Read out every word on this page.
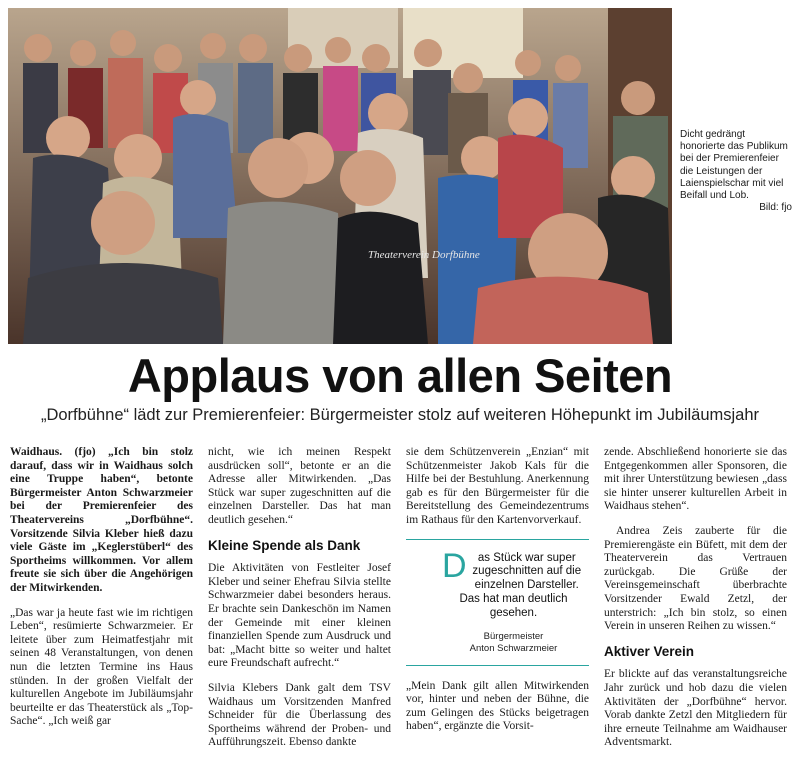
Theaterverein Dorfbühne
Dicht gedrängt honorierte das Publikum bei der Premierenfeier die Leistungen der Laienspielschar mit viel Beifall und Lob.
Bild: fjo
Applaus von allen Seiten
„Dorfbühne“ lädt zur Premierenfeier: Bürgermeister stolz auf weiteren Höhepunkt im Jubiläumsjahr

Waidhaus. (fjo) „Ich bin stolz darauf, dass wir in Waidhaus solch eine Truppe haben“, betonte Bürgermeister Anton Schwarzmeier bei der Premierenfeier des Theatervereins „Dorfbühne“. Vorsitzende Silvia Kleber hieß dazu viele Gäste im „Keglerstüberl“ des Sportheims willkommen. Vor allem freute sie sich über die Angehörigen der Mitwirkenden.

„Das war ja heute fast wie im richtigen Leben“, resümierte Schwarzmeier. Er leitete über zum Heimatfestjahr mit seinen 48 Veranstaltungen, von denen nun die letzten Termine ins Haus stünden. In der großen Vielfalt der kulturellen Angebote im Jubiläumsjahr beurteilte er das Theaterstück als „Top-Sache“. „Ich weiß gar

nicht, wie ich meinen Respekt ausdrücken soll“, betonte er an die Adresse aller Mitwirkenden. „Das Stück war super zugeschnitten auf die einzelnen Darsteller. Das hat man deutlich gesehen.“

Kleine Spende als Dank

Die Aktivitäten von Festleiter Josef Kleber und seiner Ehefrau Silvia stellte Schwarzmeier dabei besonders heraus. Er brachte sein Dankeschön im Namen der Gemeinde mit einer kleinen finanziellen Spende zum Ausdruck und bat: „Macht bitte so weiter und haltet eure Freundschaft aufrecht.“

Silvia Klebers Dank galt dem TSV Waidhaus um Vorsitzenden Manfred Schneider für die Überlassung des Sportheims während der Proben- und Aufführungszeit. Ebenso dankte

sie dem Schützenverein „Enzian“ mit Schützenmeister Jakob Kals für die Hilfe bei der Bestuhlung. Anerkennung gab es für den Bürgermeister für die Bereitstellung des Gemeindezentrums im Rathaus für den Kartenvorverkauf.

Das Stück war super zugeschnitten auf die einzelnen Darsteller. Das hat man deutlich gesehen.
Bürgermeister
Anton Schwarzmeier

„Mein Dank gilt allen Mitwirkenden vor, hinter und neben der Bühne, die zum Gelingen des Stücks beigetragen haben“, ergänzte die Vorsit-

zende. Abschließend honorierte sie das Entgegenkommen aller Sponsoren, die mit ihrer Unterstützung bewiesen „dass sie hinter unserer kulturellen Arbeit in Waidhaus stehen“.

Andrea Zeis zauberte für die Premierengäste ein Büfett, mit dem der Theaterverein das Vertrauen zurückgab. Die Grüße der Vereinsgemeinschaft überbrachte Vorsitzender Ewald Zetzl, der unterstrich: „Ich bin stolz, so einen Verein in unseren Reihen zu wissen.“

Aktiver Verein

Er blickte auf das veranstaltungsreiche Jahr zurück und hob dazu die vielen Aktivitäten der „Dorfbühne“ hervor. Vorab dankte Zetzl den Mitgliedern für ihre erneute Teilnahme am Waidhauser Adventsmarkt.
